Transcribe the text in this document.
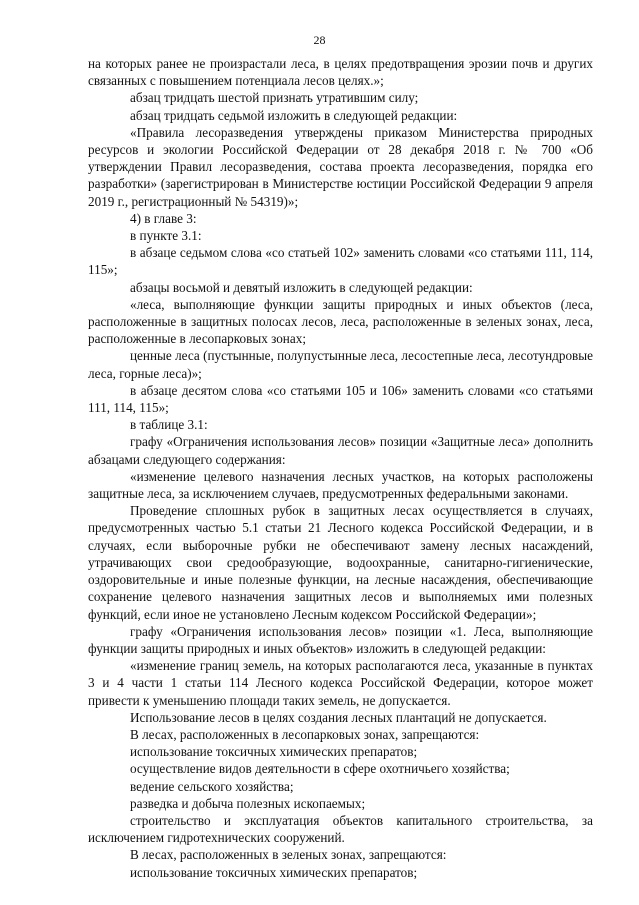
28

на которых ранее не произрастали леса, в целях предотвращения эрозии почв и других связанных с повышением потенциала лесов целях.»;

абзац тридцать шестой признать утратившим силу;

абзац тридцать седьмой изложить в следующей редакции:

«Правила лесоразведения утверждены приказом Министерства природных ресурсов и экологии Российской Федерации от 28 декабря 2018 г. № 700 «Об утверждении Правил лесоразведения, состава проекта лесоразведения, порядка его разработки» (зарегистрирован в Министерстве юстиции Российской Федерации 9 апреля 2019 г., регистрационный № 54319)»;

4) в главе 3:

в пункте 3.1:

в абзаце седьмом слова «со статьей 102» заменить словами «со статьями 111, 114, 115»;

абзацы восьмой и девятый изложить в следующей редакции:

«леса, выполняющие функции защиты природных и иных объектов (леса, расположенные в защитных полосах лесов, леса, расположенные в зеленых зонах, леса, расположенные в лесопарковых зонах;

ценные леса (пустынные, полупустынные леса, лесостепные леса, лесотундровые леса, горные леса)»;

в абзаце десятом слова «со статьями 105 и 106» заменить словами «со статьями 111, 114, 115»;

в таблице 3.1:

графу «Ограничения использования лесов» позиции «Защитные леса» дополнить абзацами следующего содержания:

«изменение целевого назначения лесных участков, на которых расположены защитные леса, за исключением случаев, предусмотренных федеральными законами.

Проведение сплошных рубок в защитных лесах осуществляется в случаях, предусмотренных частью 5.1 статьи 21 Лесного кодекса Российской Федерации, и в случаях, если выборочные рубки не обеспечивают замену лесных насаждений, утрачивающих свои средообразующие, водоохранные, санитарно-гигиенические, оздоровительные и иные полезные функции, на лесные насаждения, обеспечивающие сохранение целевого назначения защитных лесов и выполняемых ими полезных функций, если иное не установлено Лесным кодексом Российской Федерации»;

графу «Ограничения использования лесов» позиции «1. Леса, выполняющие функции защиты природных и иных объектов» изложить в следующей редакции:

«изменение границ земель, на которых располагаются леса, указанные в пунктах 3 и 4 части 1 статьи 114 Лесного кодекса Российской Федерации, которое может привести к уменьшению площади таких земель, не допускается.

Использование лесов в целях создания лесных плантаций не допускается.

В лесах, расположенных в лесопарковых зонах, запрещаются:

использование токсичных химических препаратов;

осуществление видов деятельности в сфере охотничьего хозяйства;

ведение сельского хозяйства;

разведка и добыча полезных ископаемых;

строительство и эксплуатация объектов капитального строительства, за исключением гидротехнических сооружений.

В лесах, расположенных в зеленых зонах, запрещаются:

использование токсичных химических препаратов;
